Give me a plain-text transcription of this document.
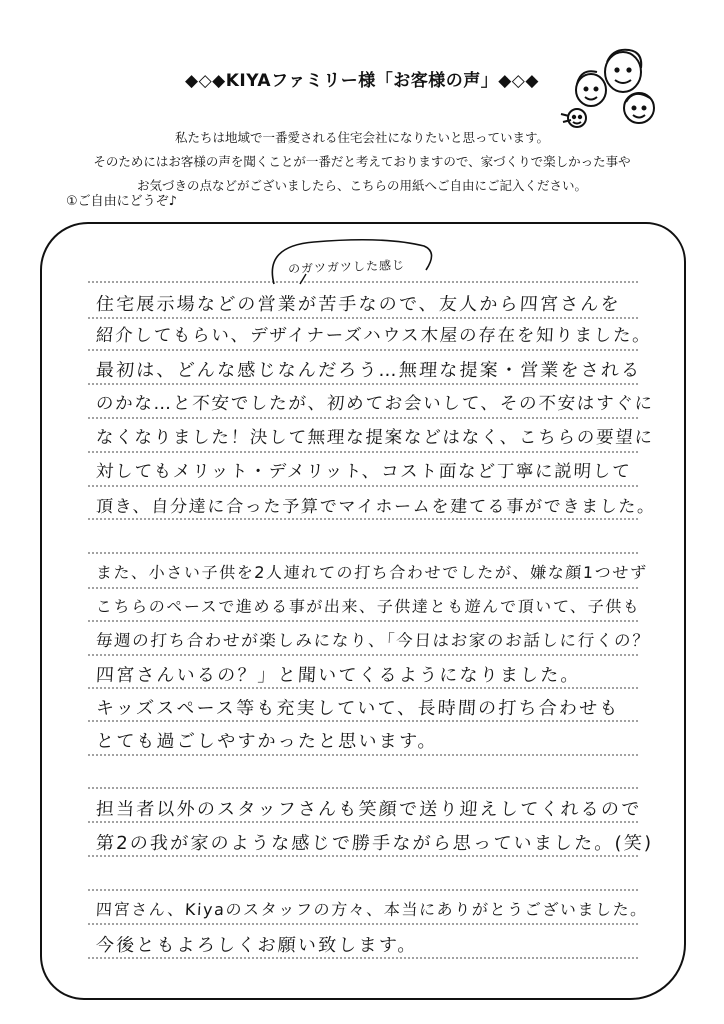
◆◇◆KIYAファミリー様「お客様の声」◆◇◆
私たちは地域で一番愛される住宅会社になりたいと思っています。
そのためにはお客様の声を聞くことが一番だと考えておりますので、家づくりで楽しかった事や
お気づきの点などがございましたら、こちらの用紙へご自由にご記入ください。
①ご自由にどうぞ♪
のガツガツした感じ
住宅展示場などの営業が苦手なので、友人から四宮さんを
紹介してもらい、デザイナーズハウス木屋の存在を知りました。
最初は、どんな感じなんだろう…無理な提案・営業をされる
のかな…と不安でしたが、初めてお会いして、その不安はすぐに
なくなりました！決して無理な提案などはなく、こちらの要望に
対してもメリット・デメリット、コスト面など丁寧に説明して
頂き、自分達に合った予算でマイホームを建てる事ができました。
また、小さい子供を2人連れての打ち合わせでしたが、嫌な顔1つせず
こちらのペースで進める事が出来、子供達とも遊んで頂いて、子供も
毎週の打ち合わせが楽しみになり、「今日はお家のお話しに行くの？
四宮さんいるの？」と聞いてくるようになりました。
キッズスペース等も充実していて、長時間の打ち合わせも
とても過ごしやすかったと思います。
担当者以外のスタッフさんも笑顔で送り迎えしてくれるので
第2の我が家のような感じで勝手ながら思っていました。(笑)
四宮さん、Kiyaのスタッフの方々、本当にありがとうございました。
今後ともよろしくお願い致します。
